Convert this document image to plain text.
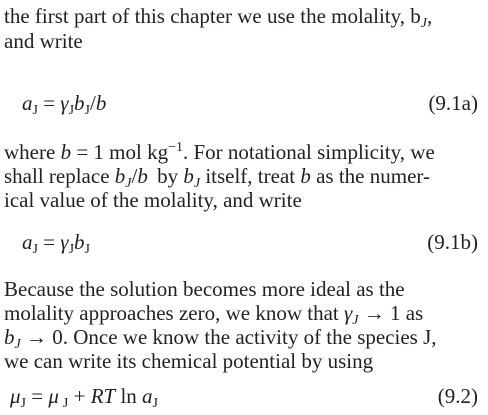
the first part of this chapter we use the molality, $b_J$,
and write
$a_J = \gamma_Jb_J/b$	(9.1a)
where b = 1 mol $kg^{-1}$. For notational simplicity, we
shall replace $b_J/b$ by $b_J$ itself, treat b as the numer-
ical value of the molality, and write
$a_J = \gamma_Jb_J$	(9.1b)
Because the solution becomes more ideal as the
molality approaches zero, we know that $\gamma_J \to 1$ as
$b_J \to 0$. Once we know the activity of the species J,
we can write its chemical potential by using
$\mu_J = \mu$ $_J$ + RT $\ln a_J$	(9.2)
